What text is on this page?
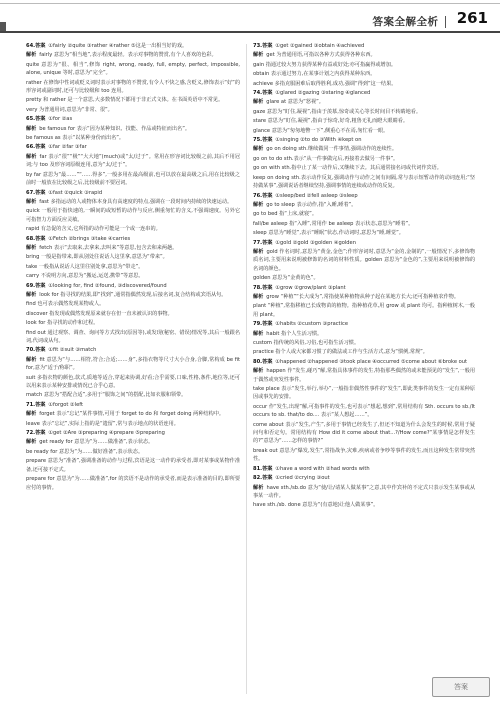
答案全解全析 261
64.答案 ①fairly ②quite ③rather ④rather ⑤这是一出相当好的戏。
解析 fairly 意思为“相当地”,表示程度最轻。表示对事物的赞赏,有个人喜欢的色彩。
quite 意思为“很、相当”,修饰 right, wrong, ready, full, empty, perfect, impossible, alone, unique 等时,意思为“完全”。
rather 在修饰中性词或贬义词时表示对事物的不赞赏,有令人不快之感,含贬义,修饰表示“好”的形容词或副词时,还可与比较级和 too 连用。
pretty 和 rather 是一个意思,大多数情况下都用于非正式文体。在书面英语中不常见。
very 为普通用词,意思为“非常、很”。
65.答案 ①for ②as
解析 be famous for 表示“因为某种知识、技能、作品或特征而出名”。
be famous as 表示“以某种身份而出名”。
66.答案 ①far ②far ③far
解析 far 表示“很”“极”“大大地”(much)或“太/过于”。常用在形容词比较级之前,其后不用冠词;与 too 及形容词原级连用,意为“太/过于”。
by far 意思为“最……”“……得多”,一般多用在最高级前,也可以放在最高级之后,用在比较级之前时一般放在比较级之后,比较级前不要冠词。
67.答案 ①fast ②quick ③rapid
解析 fast 多指运动的人或物体本身具有高速度的特点,强调在一段时间内持续的快速运动。
quick 一般用于指快速的,一瞬间的或短暂的动作与反应,侧重匆忙的含义,不强调速度。另外它可指智力方面反应灵敏。
rapid 有急促的含义,它所指的动作可能是一个或一连串的。
68.答案 ①Fetch ②brings ③take ④carries
解析 fetch 表示“去取来,去拿来,去叫来”等意思,包含去和来两趟。
bring 一般是指带来,即从别处往说话人这里拿,意思为“带来”。
take 一般指从说话人这里往别处拿,意思为“带走”。
carry 不说明方向,意思为“搬运,运送,携带”等意思。
69.答案 ①looking for, find ②found, ③discovered/found
解析 look for 指寻找的结果,即“找到”,通常指偶然发现,后接名词,复合结构或宾语从句。
find 也可表示偶然发现某物或人。
discover 指发现或偶然发现原来就存在但一直未被认识的事物。
look for 指寻找的动作和过程。
find out 通过观察、调查、询问等方式找出(原因等),或发现(秘密、错误)情况等,其后一般跟名词,代词或从句。
70.答案 ①fit ②suit ③match
解析 fit 意思为“与……相符,符合;合适;……身”,多指衣物等尺寸大小合身,合脚,常构成 be fit for,意为“适于/称职”。
suit 多指衣物的颜色,款式,质地等适合,穿起来协调,好看;合乎需要,口味,性格,条件,地位等,还可以用来表示某种安排或情况已合乎心意。
match 意思为“搭配合适”,多用于“服饰之间”的搭配,比如衣服和领带。
71.答案 ①forgot ②left
解析 forget 表示“忘记”某件事情,可用于 forget to do 和 forget doing 两种结构中。
leave 表示“忘记”,实际上指的是“遗留”,常与表示地点的状语连用。
72.答案 ①get ②Are ③preparing ④prepare ⑤preparing
解析 get ready for 意思为“为……做准备”,表示状态。
be ready for 意思为“为……做好准备”,表示状态。
prepare 意思为“准备”,强调准备的动作与过程,宾语是这一动作的承受者,即对某事或某物作准备,还可接不定式。
prepare for 意思为“为……做准备”,for 的宾语不是动作的承受者,而是表示准备的目的,即所要应付的事情。
73.答案 ①get ②gained ③obtain ④achieved
解析 get 为普通用语,可指以各种方式获得各种东西。
gain 指通过较大努力获得某种有益或好处;亦可指赢得或增加。
obtain 表示通过努力,在某事计划之内获得某种东西。
achieve 多指克服困难后取得胜利,成功,强调“得到”这一结果。
74.答案 ①glared ②gazing ③staring ④glanced
解析 glare at 意思为“怒视”。
gaze 意思为“盯住,凝视”,指由于羡慕,惊奇或关心等长时间目不转睛地看。
stare 意思为“盯住,凝视”,指由于惊奇,好奇,粗鲁无礼而瞪大眼睛看。
glance 意思为“匆匆地瞥一下”,侧重心不在焉,匆忙看一眼。
75.答案 ①singing ②to do ③With ④kept on
解析 go on doing sth.继续做同一件事情,强调动作的连续性。
go on to do sth.表示“从一件事做完后,再接着去做另一件事”。
go on with sth.指中止了某一动作后,又继续下去。其后通常接名词或代词作宾语。
keep on doing sth.表示动作反复,强调动作与动作之间有间隔,常与表示短暂动作的动词连用;“坚持做某事”,强调说话者继续坚持,强调事情的连续或动作的反复。
76.答案 ①sleep/bed ②fell asleep ③sleep
解析 go to sleep 表示动作,指“入睡,睡着”。
go to bed 指“上床,就寝”。
fall/be asleep 指“入睡”,常用作 be asleep 表示状态,意思为“睡着”。
sleep 意思为“睡觉”,表示“睡眠”状态,作动词时,意思为“睡,睡觉”。
77.答案 ①gold ②gold ③golden ④golden
解析 gold 作名词时,意思为“黄金,金色”;作形容词时,意思为“金的,金制的”,一般情况下,多修饰物质名词,主要用来说明被修饰的名词的材料性质。golden 意思为“金色的”,主要用来说明被修饰的名词的颜色。
golden 意思为“金黄的色”。
78.答案 ①grow ②grow/plant ③plant
解析 grow “种植”“长大成为”,常指使某种植物从种子起在某地方长大;还可指种植农作物。
plant “种植”,常指移植已长成物苗的植物。指种植花草,用 grow 或 plant 均可。指种植树木,一般用 plant。
79.答案 ①habits ②custom ③practice
解析 habit 指个人生活习惯。
custom 指传统的风俗,习俗,也可指生活习惯。
practice 指个人或大家都习惯了的做法或工作与生活方式,意为“惯例,常规”。
80.答案 ①happened ②happened ③took place ④occurred ⑤come about ⑥broke out
解析 happen 作“发生,碰巧”解,常指具体事件的发生,特指那些偶然的或未能预见的“发生”,一般用于偶然或突发性事件。
take place 表示“发生,举行,举办”,一般指非偶然性事件的“发生”,即此类事件的发生一定有某种原因或事先的安排。
occur 作“发生,出现”解,可指事件的发生,也可表示“想起,想到”,常用结构有 Sth. occurs to sb./It occurs to sb. that/to do.... 表示“某人想起……”。
come about 表示“发生,产生”,多用于事情已经发生了,但还不知道为什么会发生的时候,常用于疑问句和否定句。常用结构有 How did it come about that...?/How come?“某事情是怎样发生的?”意思为“……怎样的事情?”
break out 意思为“爆发,发生”,常指战争,灾难,疾病或者争吵等事件的发生,而且这种发生常带突然性。
81.答案 ①have a word with ②had words with
82.答案 ①cried ②crying ③out
解析 have sth./sb.do 意为“使/让/请某人做某事”之意,其中作宾补的不定式只表示发生某事或从事某一动作。
have sth./sb. done 意思为“(有意地)让他人做某事”。
答案
